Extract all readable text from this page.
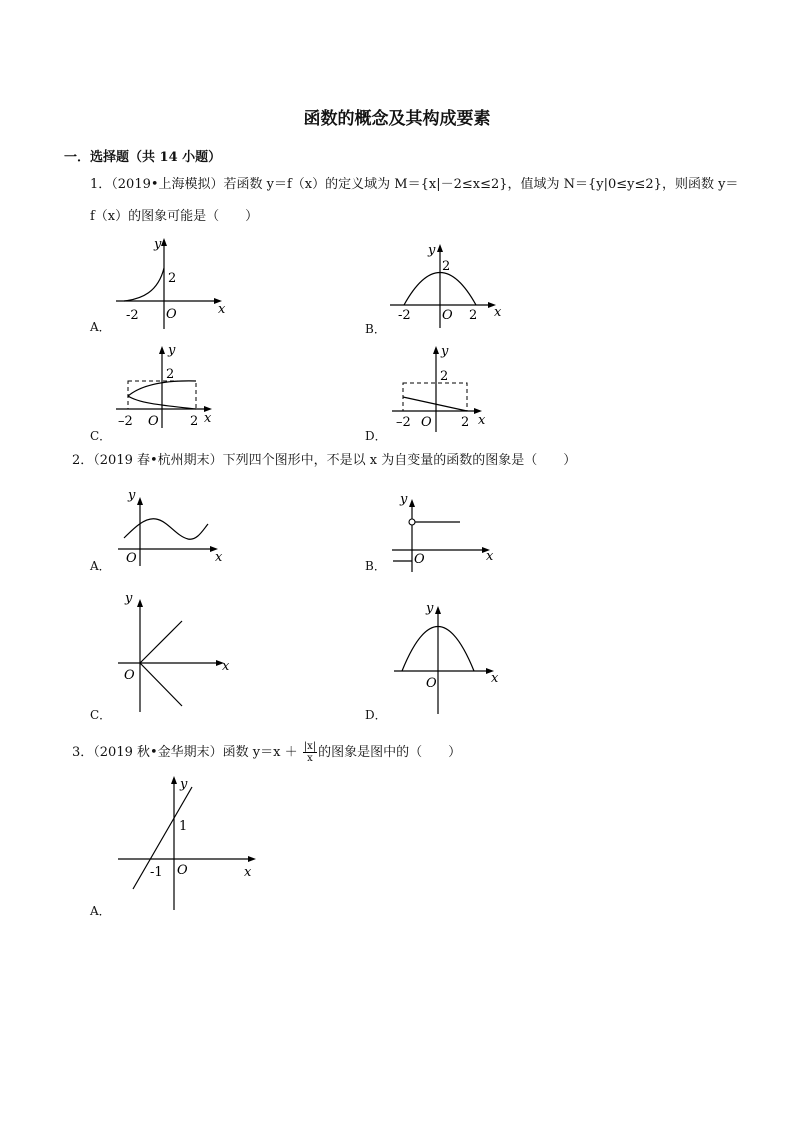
函数的概念及其构成要素
一．选择题（共 14 小题）
1．（2019•上海模拟）若函数 y＝f（x）的定义域为 M＝{x|－2≤x≤2}，值域为 N＝{y|0≤y≤2}，则函数 y＝
f（x）的图象可能是（　　）
A．
-2
2
O	x
y
B．
-2	2
2
O	x
y
C．
–2	2
2
O	x
y
D．
–2	2
2
O	x
y
2．（2019 春•杭州期末）下列四个图形中，不是以 x 为自变量的函数的图象是（　　）
A． O	x
y
B． O	x
y
C．
O
x
y
D．
O	x
y
3．（2019 秋•金华期末）函数 $y=x + \frac{|x|}{x}$ 的图象是图中的（　　）
A．
1
-1 O	x
y
